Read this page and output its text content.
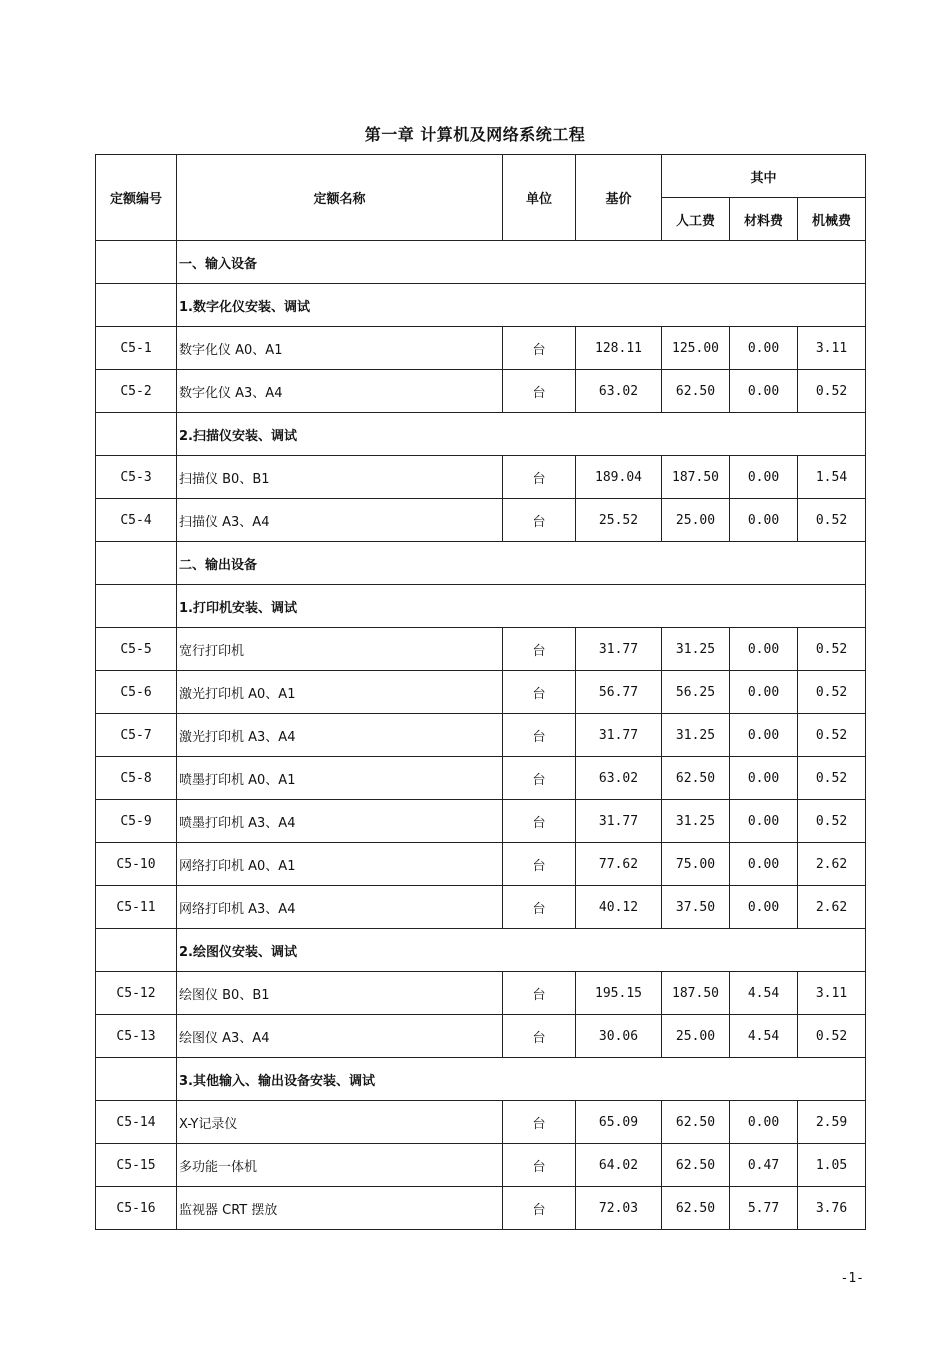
第一章 计算机及网络系统工程
定额编号	定额名称	单位	基价	其中		
				人工费	材料费	机械费
	一、输入设备					
	1.数字化仪安装、调试					
C5-1	数字化仪 A0、A1	台	128.11	125.00	0.00	3.11
C5-2	数字化仪 A3、A4	台	63.02	62.50	0.00	0.52
	2.扫描仪安装、调试					
C5-3	扫描仪 B0、B1	台	189.04	187.50	0.00	1.54
C5-4	扫描仪 A3、A4	台	25.52	25.00	0.00	0.52
	二、输出设备					
	1.打印机安装、调试					
C5-5	宽行打印机	台	31.77	31.25	0.00	0.52
C5-6	激光打印机 A0、A1	台	56.77	56.25	0.00	0.52
C5-7	激光打印机 A3、A4	台	31.77	31.25	0.00	0.52
C5-8	喷墨打印机 A0、A1	台	63.02	62.50	0.00	0.52
C5-9	喷墨打印机 A3、A4	台	31.77	31.25	0.00	0.52
C5-10	网络打印机 A0、A1	台	77.62	75.00	0.00	2.62
C5-11	网络打印机 A3、A4	台	40.12	37.50	0.00	2.62
	2.绘图仪安装、调试					
C5-12	绘图仪 B0、B1	台	195.15	187.50	4.54	3.11
C5-13	绘图仪 A3、A4	台	30.06	25.00	4.54	0.52
	3.其他输入、输出设备安装、调试					
C5-14	X-Y记录仪	台	65.09	62.50	0.00	2.59
C5-15	多功能一体机	台	64.02	62.50	0.47	1.05
C5-16	监视器 CRT 摆放	台	72.03	62.50	5.77	3.76
-1-
